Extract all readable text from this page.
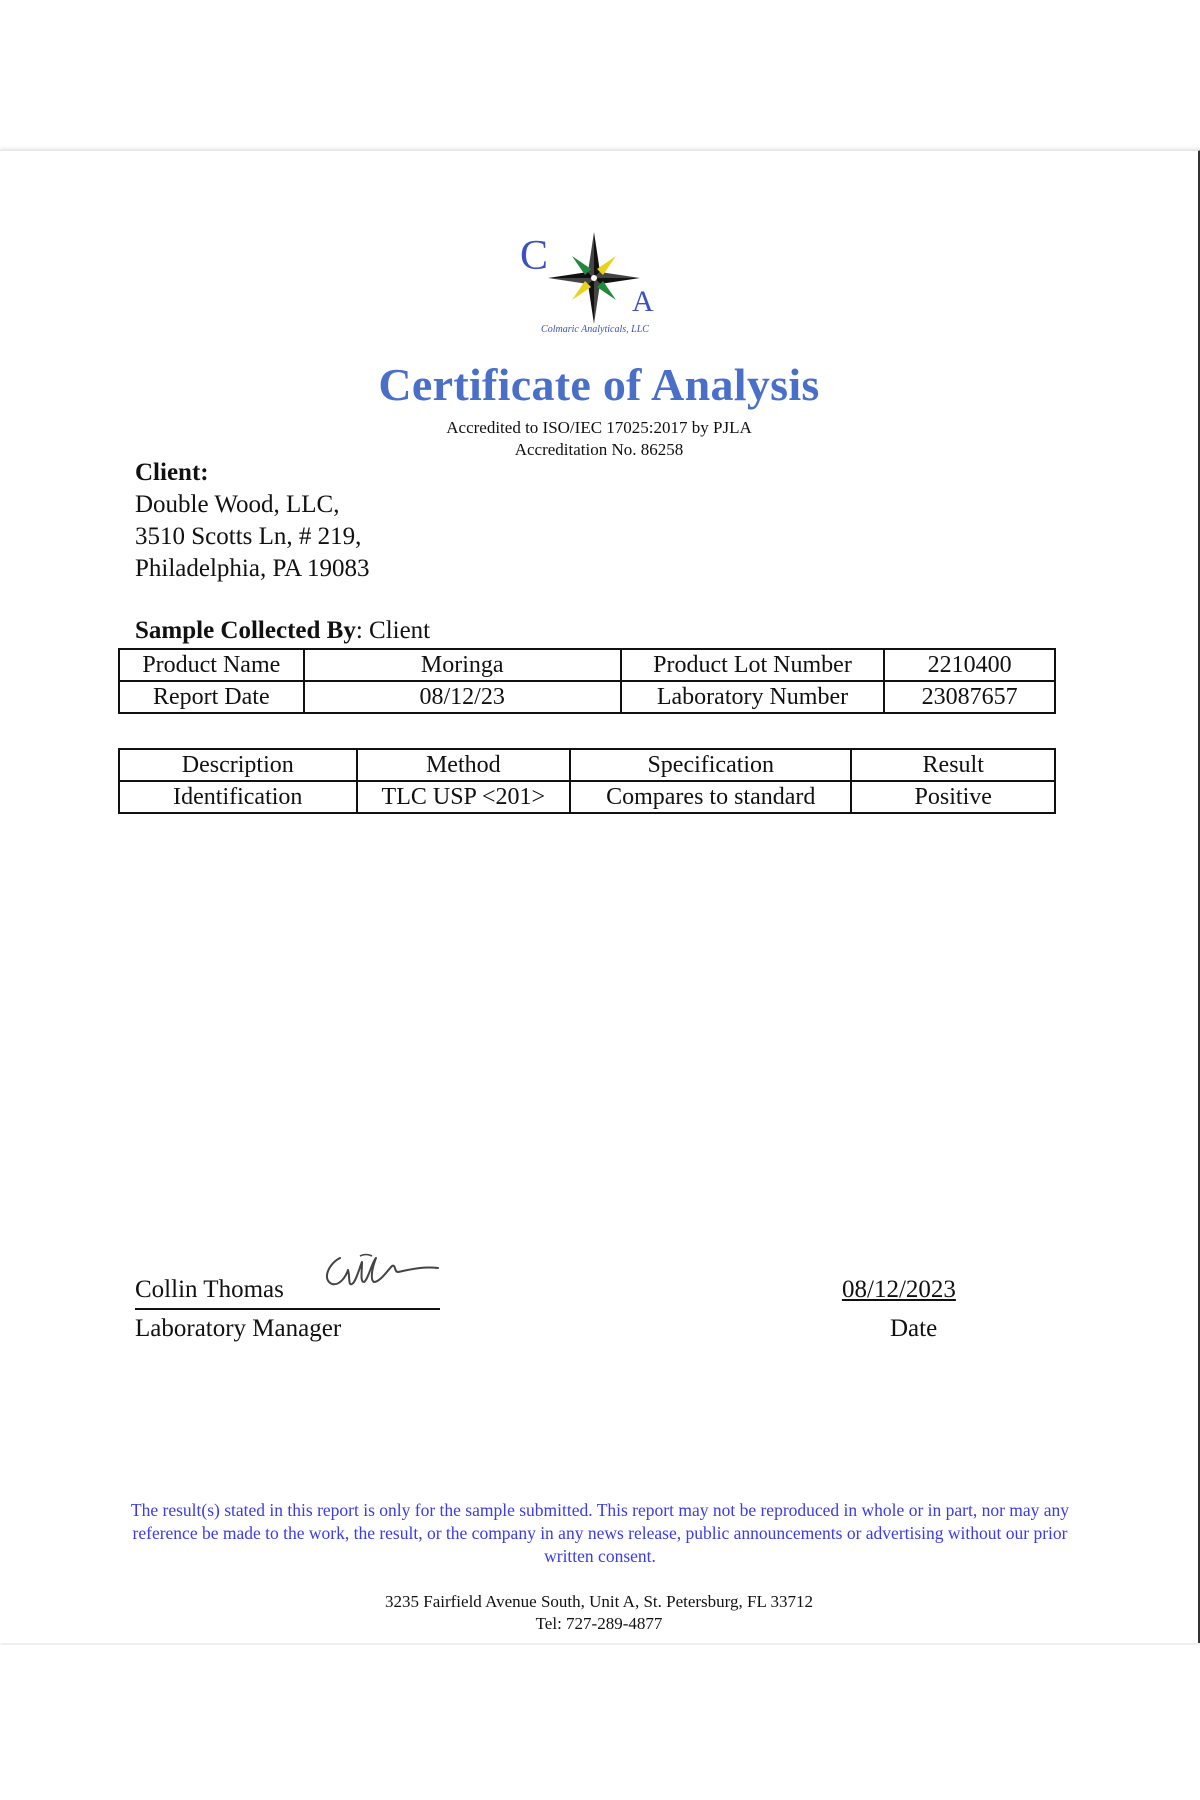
C
A
Colmaric Analyticals, LLC
Certificate of Analysis
Accredited to ISO/IEC 17025:2017 by PJLA
Accreditation No. 86258
Client:
Double Wood, LLC,
3510 Scotts Ln, # 219,
Philadelphia, PA 19083
Sample Collected By: Client
Product Name	Moringa	Product Lot Number	2210400
Report Date	08/12/23	Laboratory Number	23087657
Description	Method	Specification	Result
Identification	TLC USP <201>	Compares to standard	Positive
Collin Thomas
Laboratory Manager
08/12/2023
Date
The result(s) stated in this report is only for the sample submitted. This report may not be reproduced in whole or in part, nor may any reference be made to the work, the result, or the company in any news release, public announcements or advertising without our prior written consent.
3235 Fairfield Avenue South, Unit A, St. Petersburg, FL 33712
Tel: 727-289-4877
